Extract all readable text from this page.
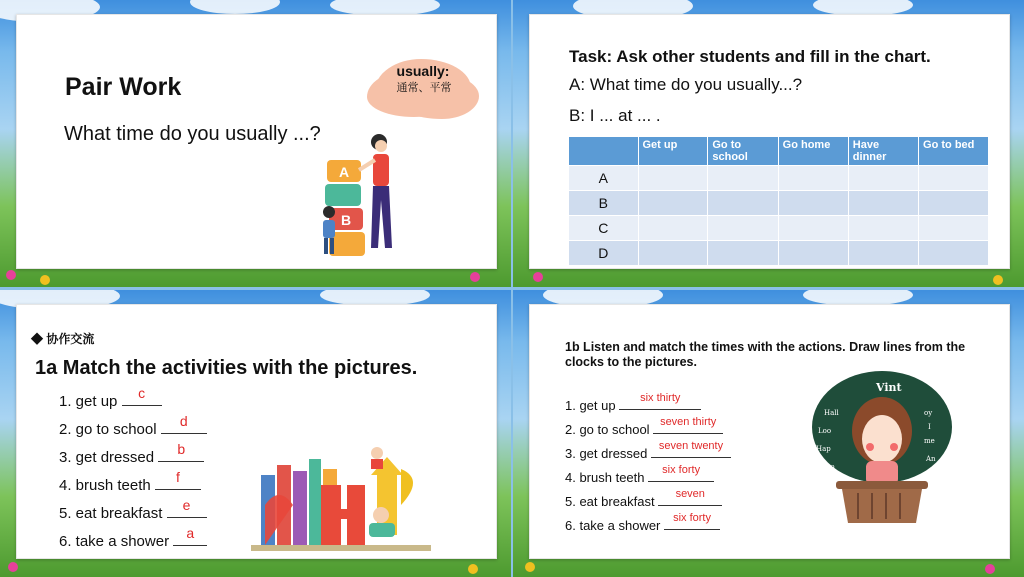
Pair Work
What time do you usually ...?
usually:
通常、平常
A
B
Task: Ask other students and fill in the chart.
A: What time do you usually...?
B: I ... at ... .
	Get up	Go to school	Go home	Have dinner	Go to bed
A					
B					
C					
D					
◆ 协作交流
1a Match the activities with the pictures.
1. get up	c
2. go to school	d
3. get dressed	b
4. brush teeth	f
5. eat breakfast	e
6. take a shower	a
1b Listen and match the times with the actions. Draw lines from the clocks to the pictures.
1. get up	six thirty
2. go to school seven thirty
3. get dressed	seven twenty
4. brush teeth	six forty
5. eat breakfast	seven
6. take a shower	six forty
Vint
Hall
Loo
Hap
Hoo
oy
I
me
An
Bi
